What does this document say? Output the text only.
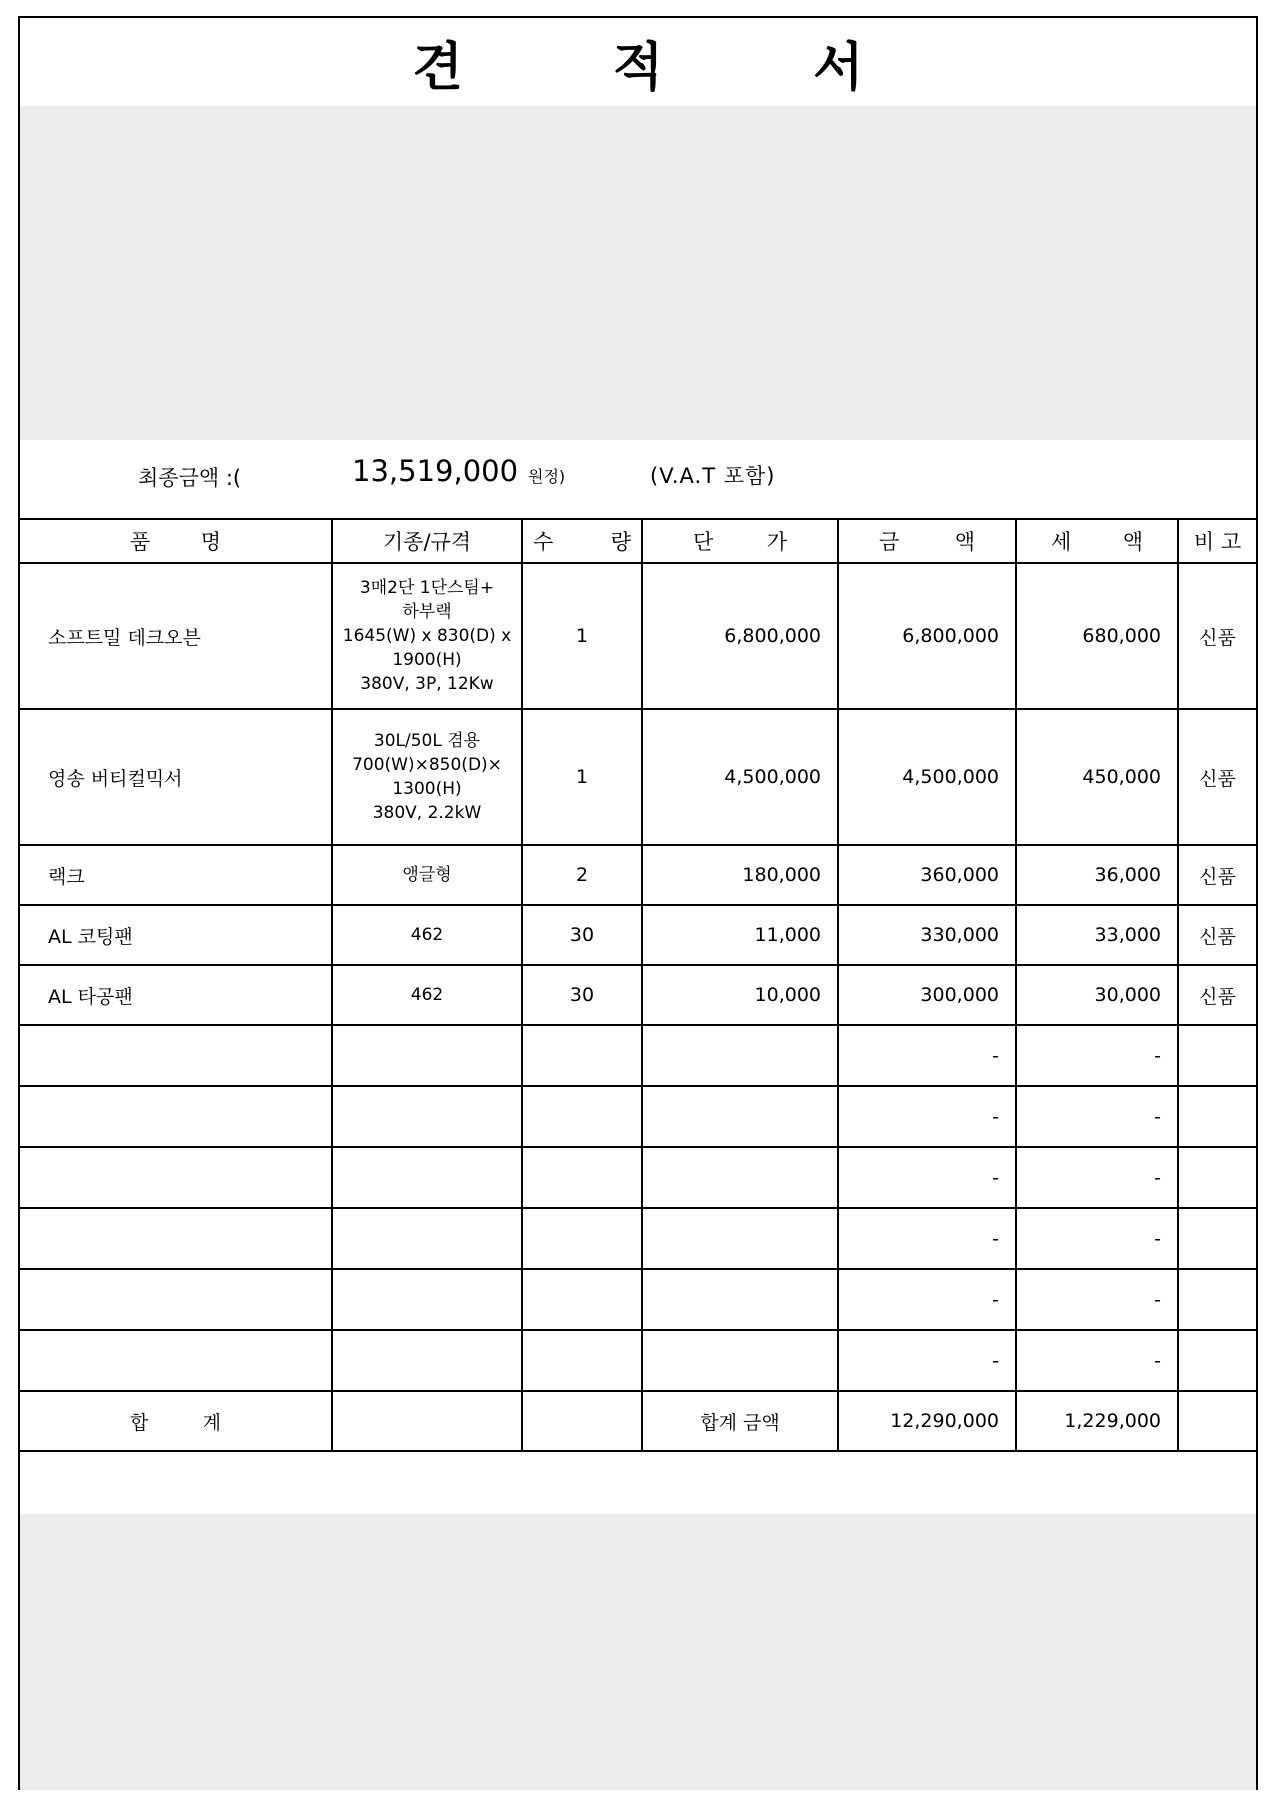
견	적	서
최종금액 :(	13,519,000 원정)	(V.A.T 포함)
품 명	기종/규격	수 량	단 가	금 액	세 액	비 고
소프트밀 데크오븐	3매2단 1단스팀+
하부랙
1645(W) x 830(D) x
1900(H)
380V, 3P, 12Kw	1	6,800,000	6,800,000	680,000	신품
영송 버티컬믹서	30L/50L 겸용
700(W)×850(D)×
1300(H)
380V, 2.2kW	1	4,500,000	4,500,000	450,000	신품
랙크	앵글형	2	180,000	360,000	36,000	신품
AL 코팅팬	462	30	11,000	330,000	33,000	신품
AL 타공팬	462	30	10,000	300,000	30,000	신품
				-	-	
				-	-	
				-	-	
				-	-	
				-	-	
				-	-	

합 계			합계 금액	12,290,000	1,229,000	
